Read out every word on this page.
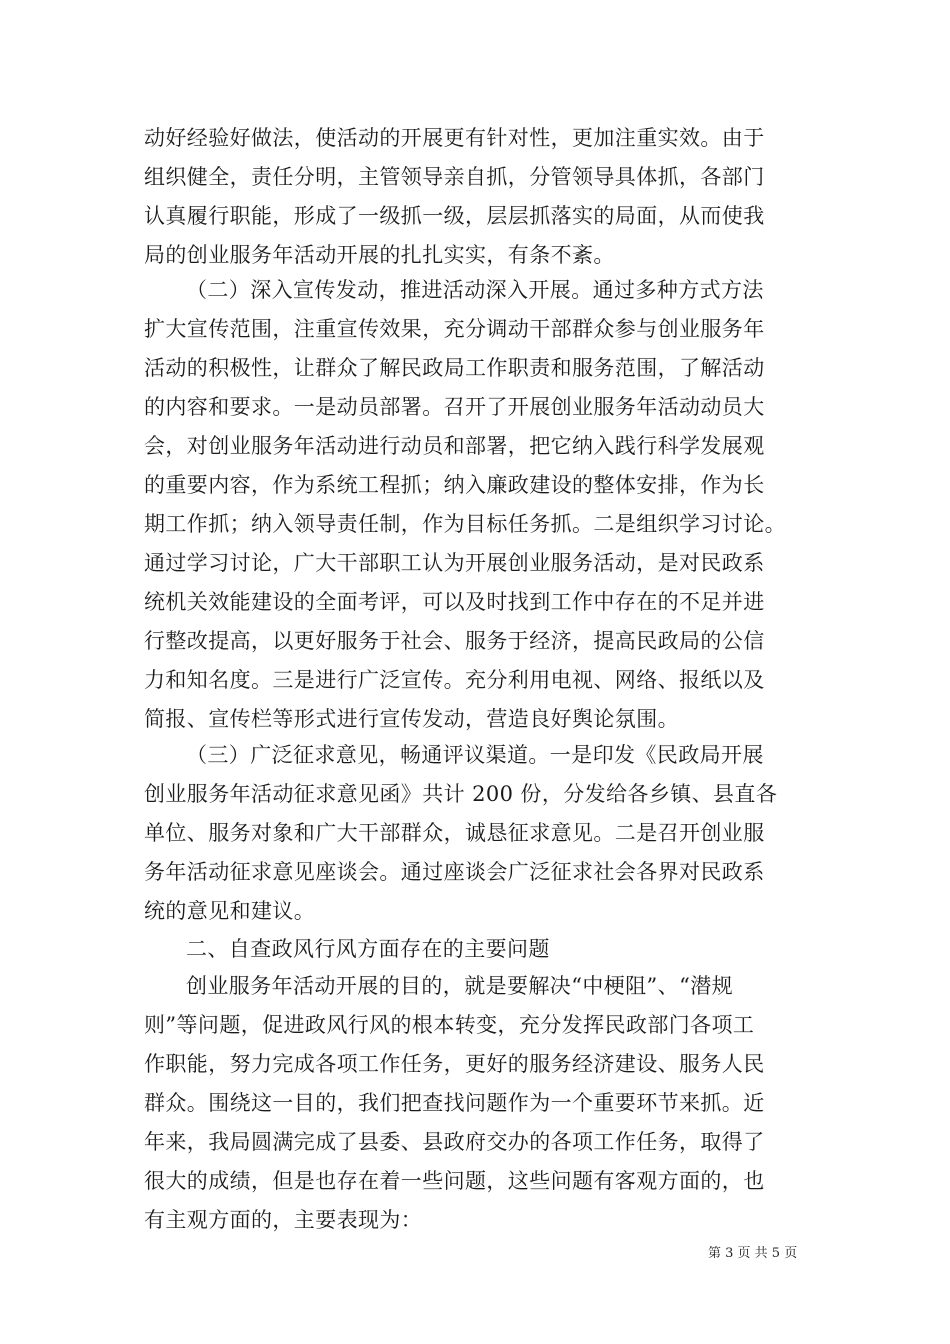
动好经验好做法，使活动的开展更有针对性，更加注重实效。由于
组织健全，责任分明，主管领导亲自抓，分管领导具体抓，各部门
认真履行职能，形成了一级抓一级，层层抓落实的局面，从而使我
局的创业服务年活动开展的扎扎实实，有条不紊。
（二）深入宣传发动，推进活动深入开展。通过多种方式方法
扩大宣传范围，注重宣传效果，充分调动干部群众参与创业服务年
活动的积极性，让群众了解民政局工作职责和服务范围，了解活动
的内容和要求。一是动员部署。召开了开展创业服务年活动动员大
会，对创业服务年活动进行动员和部署，把它纳入践行科学发展观
的重要内容，作为系统工程抓；纳入廉政建设的整体安排，作为长
期工作抓；纳入领导责任制，作为目标任务抓。二是组织学习讨论。
通过学习讨论，广大干部职工认为开展创业服务活动，是对民政系
统机关效能建设的全面考评，可以及时找到工作中存在的不足并进
行整改提高，以更好服务于社会、服务于经济，提高民政局的公信
力和知名度。三是进行广泛宣传。充分利用电视、网络、报纸以及
简报、宣传栏等形式进行宣传发动，营造良好舆论氛围。
（三）广泛征求意见，畅通评议渠道。一是印发《民政局开展
创业服务年活动征求意见函》共计 200 份，分发给各乡镇、县直各
单位、服务对象和广大干部群众，诚恳征求意见。二是召开创业服
务年活动征求意见座谈会。通过座谈会广泛征求社会各界对民政系
统的意见和建议。
二、自查政风行风方面存在的主要问题
创业服务年活动开展的目的，就是要解决“中梗阻”、“潜规
则”等问题，促进政风行风的根本转变，充分发挥民政部门各项工
作职能，努力完成各项工作任务，更好的服务经济建设、服务人民
群众。围绕这一目的，我们把查找问题作为一个重要环节来抓。近
年来，我局圆满完成了县委、县政府交办的各项工作任务，取得了
很大的成绩，但是也存在着一些问题，这些问题有客观方面的，也
有主观方面的，主要表现为：
第 3 页 共 5 页
